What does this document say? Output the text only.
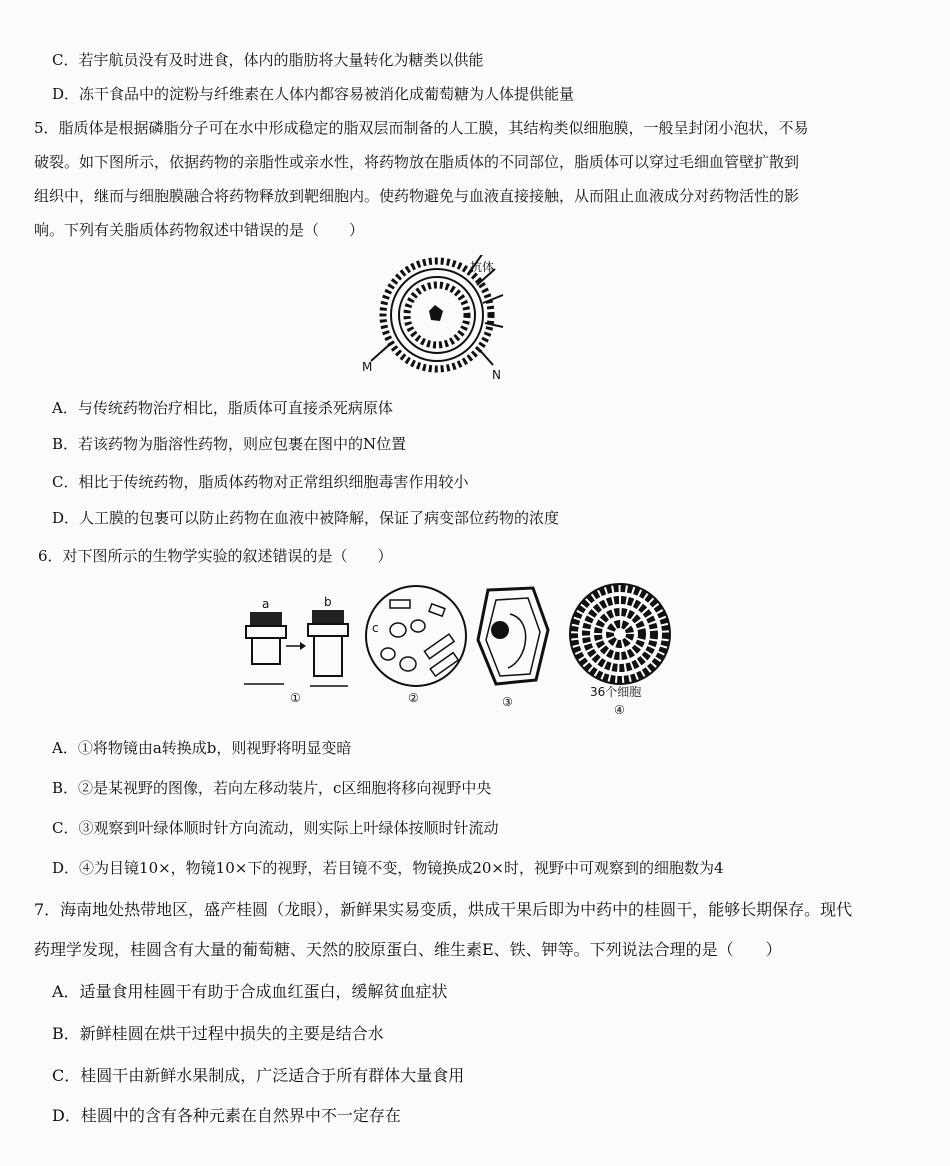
C．若宇航员没有及时进食，体内的脂肪将大量转化为糖类以供能
D．冻干食品中的淀粉与纤维素在人体内都容易被消化成葡萄糖为人体提供能量
5．脂质体是根据磷脂分子可在水中形成稳定的脂双层而制备的人工膜，其结构类似细胞膜，一般呈封闭小泡状，不易
破裂。如下图所示，依据药物的亲脂性或亲水性，将药物放在脂质体的不同部位，脂质体可以穿过毛细血管壁扩散到
组织中，继而与细胞膜融合将药物释放到靶细胞内。使药物避免与血液直接接触，从而阻止血液成分对药物活性的影
响。下列有关脂质体药物叙述中错误的是（　　）
抗体
M
N
A．与传统药物治疗相比，脂质体可直接杀死病原体
B．若该药物为脂溶性药物，则应包裹在图中的N位置
C．相比于传统药物，脂质体药物对正常组织细胞毒害作用较小
D．人工膜的包裹可以防止药物在血液中被降解，保证了病变部位药物的浓度
6．对下图所示的生物学实验的叙述错误的是（　　）
a	b
①
c
②	③
36个细胞
④
A．①将物镜由a转换成b，则视野将明显变暗
B．②是某视野的图像，若向左移动装片，c区细胞将移向视野中央
C．③观察到叶绿体顺时针方向流动，则实际上叶绿体按顺时针流动
D．④为目镜10×，物镜10×下的视野，若目镜不变，物镜换成20×时，视野中可观察到的细胞数为4
7．海南地处热带地区，盛产桂圆（龙眼），新鲜果实易变质，烘成干果后即为中药中的桂圆干，能够长期保存。现代
药理学发现，桂圆含有大量的葡萄糖、天然的胶原蛋白、维生素E、铁、钾等。下列说法合理的是（　　）
A．适量食用桂圆干有助于合成血红蛋白，缓解贫血症状
B．新鲜桂圆在烘干过程中损失的主要是结合水
C．桂圆干由新鲜水果制成，广泛适合于所有群体大量食用
D．桂圆中的含有各种元素在自然界中不一定存在
